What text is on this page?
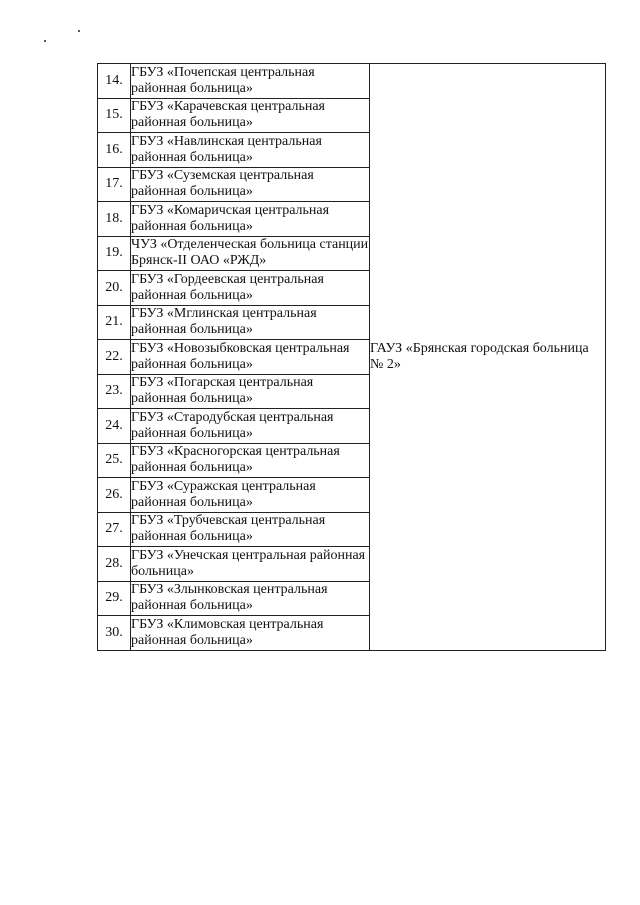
14.	ГБУЗ «Почепская центральная районная больница»	ГАУЗ «Брянская городская больница № 2»
15.	ГБУЗ «Карачевская центральная районная больница»	
16.	ГБУЗ «Навлинская центральная районная больница»	
17.	ГБУЗ «Суземская центральная районная больница»	
18.	ГБУЗ «Комаричская центральная районная больница»	
19.	ЧУЗ «Отделенческая больница станции Брянск-II ОАО «РЖД»	
20.	ГБУЗ «Гордеевская центральная районная больница»	
21.	ГБУЗ «Мглинская центральная районная больница»	
22.	ГБУЗ «Новозыбковская центральная районная больница»	
23.	ГБУЗ «Погарская центральная районная больница»	
24.	ГБУЗ «Стародубская центральная районная больница»	
25.	ГБУЗ «Красногорская центральная районная больница»	
26.	ГБУЗ «Суражская центральная районная больница»	
27.	ГБУЗ «Трубчевская центральная районная больница»	
28.	ГБУЗ «Унечская центральная районная больница»	
29.	ГБУЗ «Злынковская центральная районная больница»	
30.	ГБУЗ «Климовская центральная районная больница»	
